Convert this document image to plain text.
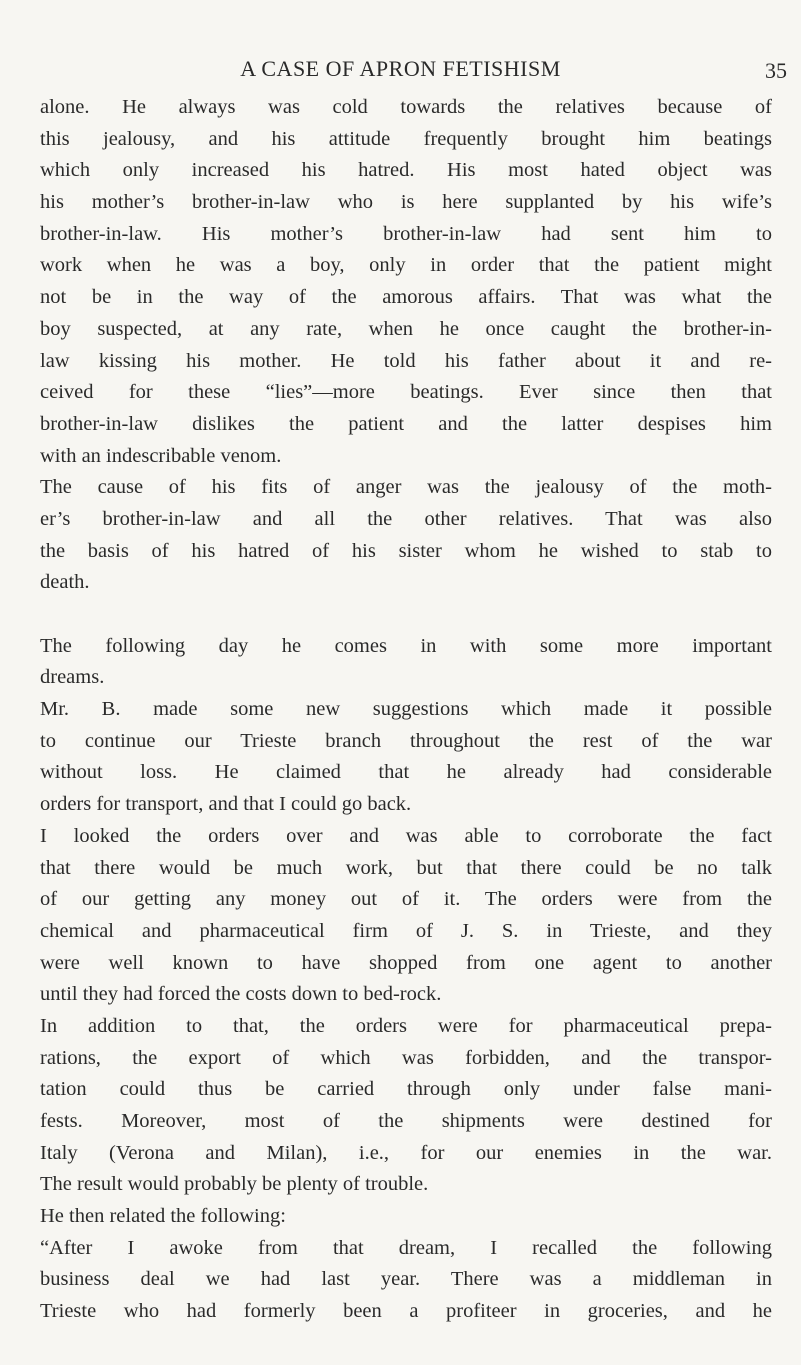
A CASE OF APRON FETISHISM	35
alone. He always was cold towards the relatives because of
this jealousy, and his attitude frequently brought him beatings
which only increased his hatred. His most hated object was
his mother’s brother-in-law who is here supplanted by his wife’s
brother-in-law. His mother’s brother-in-law had sent him to
work when he was a boy, only in order that the patient might
not be in the way of the amorous affairs. That was what the
boy suspected, at any rate, when he once caught the brother-in-
law kissing his mother. He told his father about it and re-
ceived for these “lies”—more beatings. Ever since then that
brother-in-law dislikes the patient and the latter despises him
with an indescribable venom.
The cause of his fits of anger was the jealousy of the moth-
er’s brother-in-law and all the other relatives. That was also
the basis of his hatred of his sister whom he wished to stab to
death.
The following day he comes in with some more important
dreams.
Mr. B. made some new suggestions which made it possible
to continue our Trieste branch throughout the rest of the war
without loss. He claimed that he already had considerable
orders for transport, and that I could go back.
I looked the orders over and was able to corroborate the fact
that there would be much work, but that there could be no talk
of our getting any money out of it. The orders were from the
chemical and pharmaceutical firm of J. S. in Trieste, and they
were well known to have shopped from one agent to another
until they had forced the costs down to bed-rock.
In addition to that, the orders were for pharmaceutical prepa-
rations, the export of which was forbidden, and the transpor-
tation could thus be carried through only under false mani-
fests. Moreover, most of the shipments were destined for
Italy (Verona and Milan), i.e., for our enemies in the war.
The result would probably be plenty of trouble.
He then related the following:
“After I awoke from that dream, I recalled the following
business deal we had last year. There was a middleman in
Trieste who had formerly been a profiteer in groceries, and he
